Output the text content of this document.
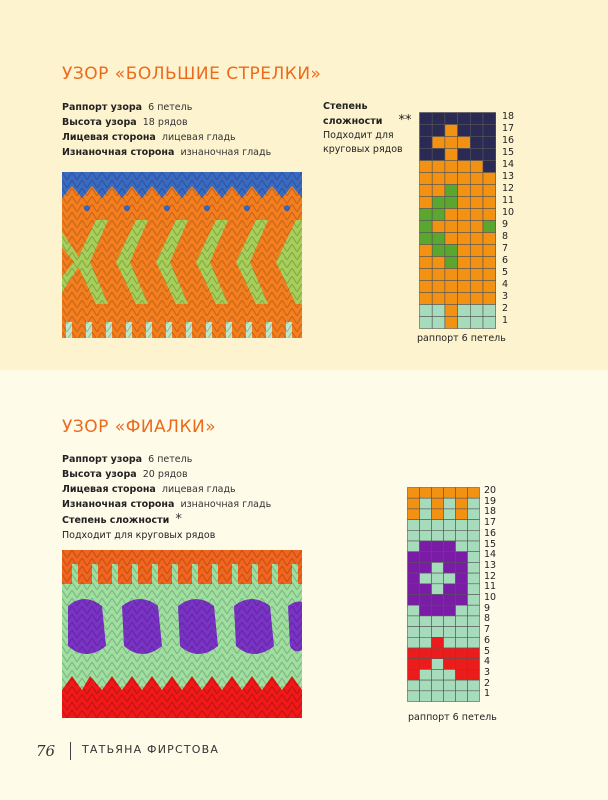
УЗОР «БОЛЬШИЕ СТРЕЛКИ»
Раппорт узора 6 петель
Высота узора 18 рядов
Лицевая сторона лицевая гладь
Изнаночная сторона изнаночная гладь
Степень
сложности **
Подходит для
круговых рядов
18
17
16
15
14
13
12
11
10
9
8
7
6
5
4
3
2
1
раппорт 6 петель
УЗОР «ФИАЛКИ»
Раппорт узора 6 петель
Высота узора 20 рядов
Лицевая сторона лицевая гладь
Изнаночная сторона изнаночная гладь
Степень сложности *
Подходит для круговых рядов
20
19
18
17
16
15
14
13
12
11
10
9
8
7
6
5
4
3
2
1
раппорт 6 петель
76 ТАТЬЯНА ФИРСТОВА
